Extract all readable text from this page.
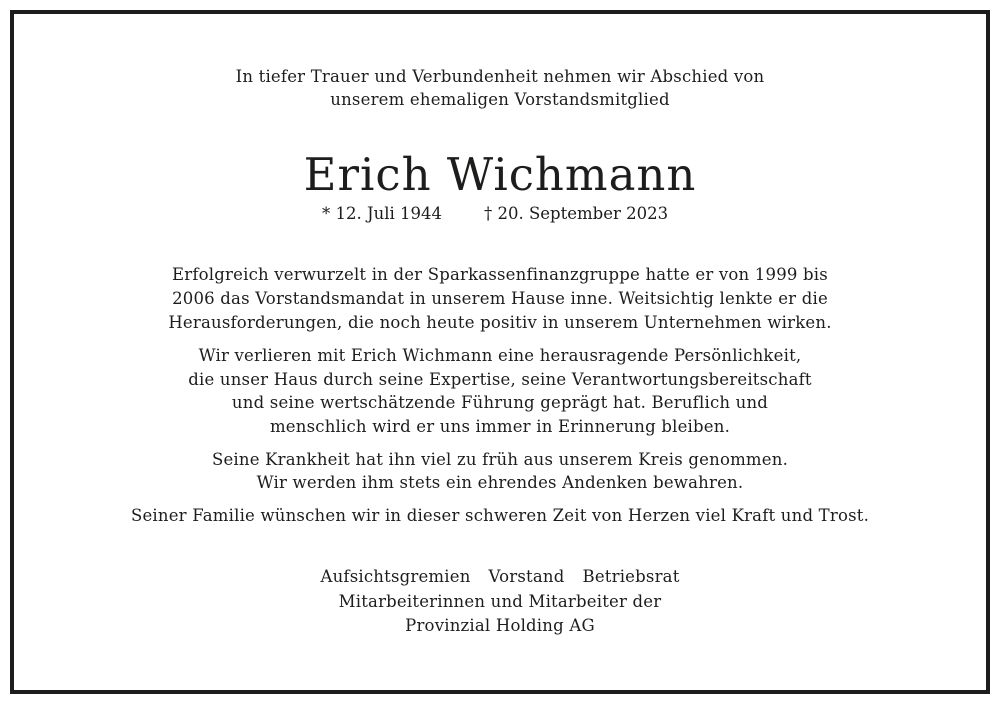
In tiefer Trauer und Verbundenheit nehmen wir Abschied von
unserem ehemaligen Vorstandsmitglied
Erich Wichmann
* 12. Juli 1944	† 20. September 2023
Erfolgreich verwurzelt in der Sparkassenfinanzgruppe hatte er von 1999 bis
2006 das Vorstandsmandat in unserem Hause inne. Weitsichtig lenkte er die
Herausforderungen, die noch heute positiv in unserem Unternehmen wirken.
Wir verlieren mit Erich Wichmann eine herausragende Persönlichkeit,
die unser Haus durch seine Expertise, seine Verantwortungsbereitschaft
und seine wertschätzende Führung geprägt hat. Beruflich und
menschlich wird er uns immer in Erinnerung bleiben.
Seine Krankheit hat ihn viel zu früh aus unserem Kreis genommen.
Wir werden ihm stets ein ehrendes Andenken bewahren.
Seiner Familie wünschen wir in dieser schweren Zeit von Herzen viel Kraft und Trost.
Aufsichtsgremien Vorstand Betriebsrat
Mitarbeiterinnen und Mitarbeiter der
Provinzial Holding AG
